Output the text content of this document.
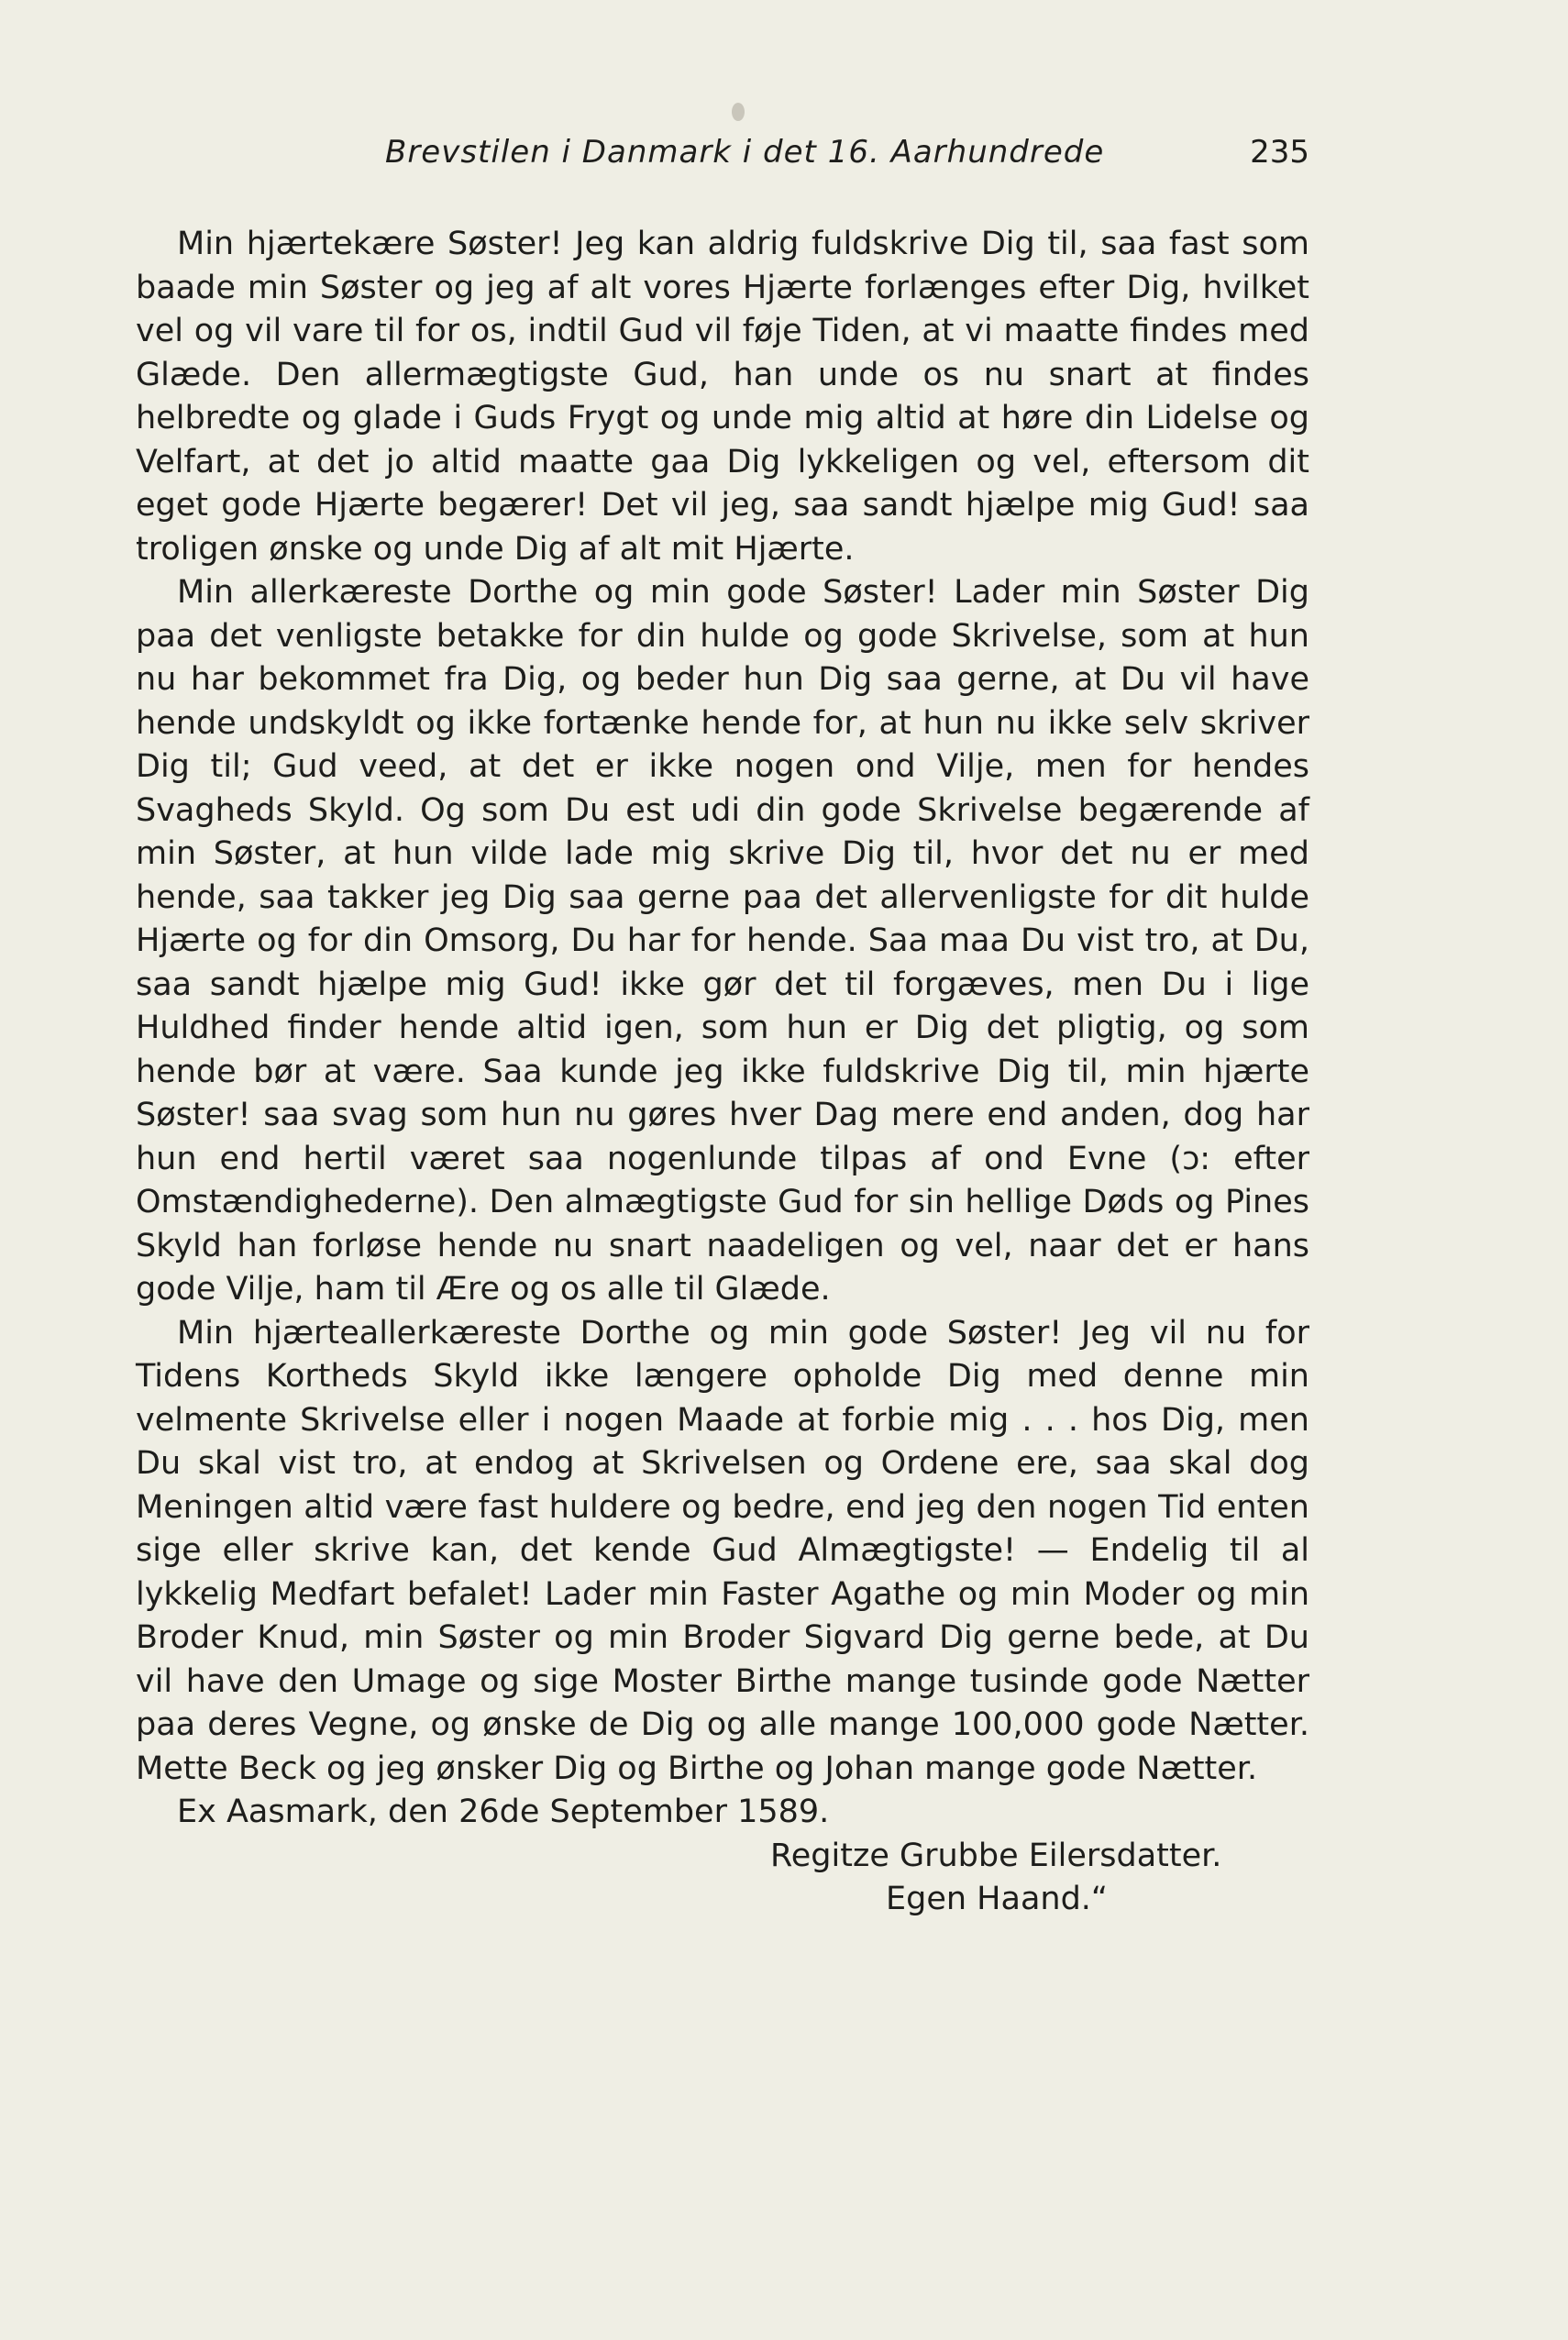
Brevstilen i Danmark i det 16. Aarhundrede	235

Min hjærtekære Søster! Jeg kan aldrig fuldskrive Dig til, saa fast som baade min Søster og jeg af alt vores Hjærte forlænges efter Dig, hvilket vel og vil vare til for os, indtil Gud vil føje Tiden, at vi maatte findes med Glæde. Den allermægtigste Gud, han unde os nu snart at findes helbredte og glade i Guds Frygt og unde mig altid at høre din Lidelse og Velfart, at det jo altid maatte gaa Dig lykkeligen og vel, eftersom dit eget gode Hjærte begærer! Det vil jeg, saa sandt hjælpe mig Gud! saa troligen ønske og unde Dig af alt mit Hjærte.

Min allerkæreste Dorthe og min gode Søster! Lader min Søster Dig paa det venligste betakke for din hulde og gode Skrivelse, som at hun nu har bekommet fra Dig, og beder hun Dig saa gerne, at Du vil have hende undskyldt og ikke fortænke hende for, at hun nu ikke selv skriver Dig til; Gud veed, at det er ikke nogen ond Vilje, men for hendes Svagheds Skyld. Og som Du est udi din gode Skrivelse begærende af min Søster, at hun vilde lade mig skrive Dig til, hvor det nu er med hende, saa takker jeg Dig saa gerne paa det allervenligste for dit hulde Hjærte og for din Omsorg, Du har for hende. Saa maa Du vist tro, at Du, saa sandt hjælpe mig Gud! ikke gør det til forgæves, men Du i lige Huldhed finder hende altid igen, som hun er Dig det pligtig, og som hende bør at være. Saa kunde jeg ikke fuldskrive Dig til, min hjærte Søster! saa svag som hun nu gøres hver Dag mere end anden, dog har hun end hertil været saa nogenlunde tilpas af ond Evne (ɔ: efter Omstændighederne). Den almægtigste Gud for sin hellige Døds og Pines Skyld han forløse hende nu snart naadeligen og vel, naar det er hans gode Vilje, ham til Ære og os alle til Glæde.

Min hjærteallerkæreste Dorthe og min gode Søster! Jeg vil nu for Tidens Kortheds Skyld ikke længere opholde Dig med denne min velmente Skrivelse eller i nogen Maade at forbie mig . . . hos Dig, men Du skal vist tro, at endog at Skrivelsen og Ordene ere, saa skal dog Meningen altid være fast huldere og bedre, end jeg den nogen Tid enten sige eller skrive kan, det kende Gud Almægtigste! — Endelig til al lykkelig Medfart befalet! Lader min Faster Agathe og min Moder og min Broder Knud, min Søster og min Broder Sigvard Dig gerne bede, at Du vil have den Umage og sige Moster Birthe mange tusinde gode Nætter paa deres Vegne, og ønske de Dig og alle mange 100,000 gode Nætter. Mette Beck og jeg ønsker Dig og Birthe og Johan mange gode Nætter.

Ex Aasmark, den 26de September 1589.

Regitze Grubbe Eilersdatter.

Egen Haand.“
